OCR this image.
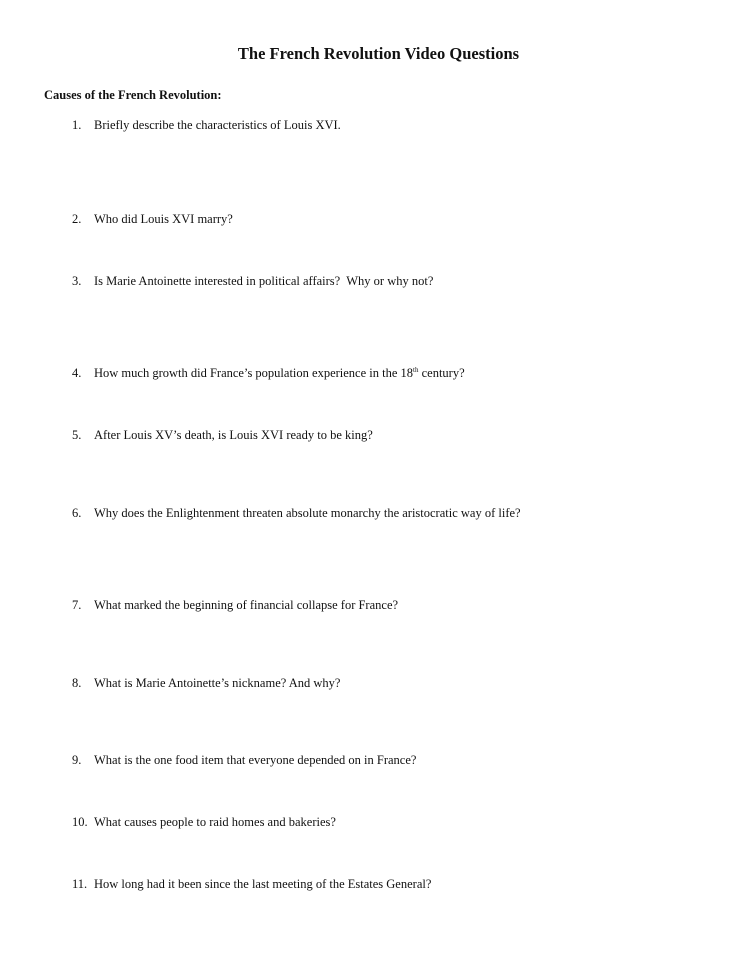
The French Revolution Video Questions
Causes of the French Revolution:
1. Briefly describe the characteristics of Louis XVI.
2. Who did Louis XVI marry?
3. Is Marie Antoinette interested in political affairs?  Why or why not?
4. How much growth did France’s population experience in the 18th century?
5. After Louis XV’s death, is Louis XVI ready to be king?
6. Why does the Enlightenment threaten absolute monarchy the aristocratic way of life?
7. What marked the beginning of financial collapse for France?
8. What is Marie Antoinette’s nickname? And why?
9. What is the one food item that everyone depended on in France?
10. What causes people to raid homes and bakeries?
11. How long had it been since the last meeting of the Estates General?
